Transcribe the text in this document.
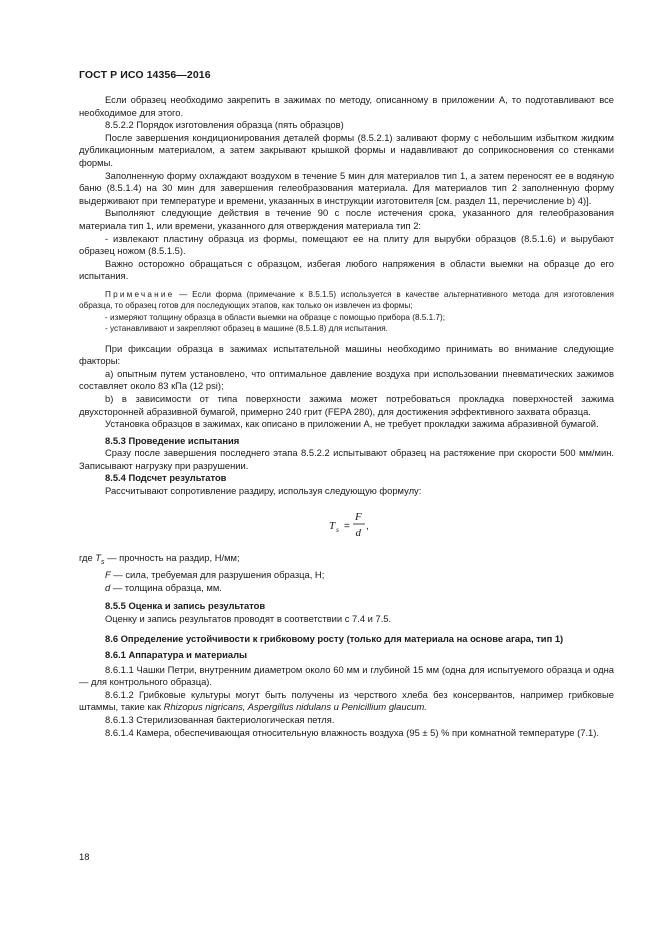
ГОСТ Р ИСО 14356—2016

Если образец необходимо закрепить в зажимах по методу, описанному в приложении А, то подготавливают все необходимое для этого.

8.5.2.2 Порядок изготовления образца (пять образцов)

После завершения кондиционирования деталей формы (8.5.2.1) заливают форму с небольшим избытком жидким дубликационным материалом, а затем закрывают крышкой формы и надавливают до соприкосновения со стенками формы.

Заполненную форму охлаждают воздухом в течение 5 мин для материалов тип 1, а затем переносят ее в водяную баню (8.5.1.4) на 30 мин для завершения гелеобразования материала. Для материалов тип 2 заполненную форму выдерживают при температуре и времени, указанных в инструкции изготовителя [см. раздел 11, перечисление b) 4)].

Выполняют следующие действия в течение 90 с после истечения срока, указанного для гелеобразования материала тип 1, или времени, указанного для отверждения материала тип 2:

- извлекают пластину образца из формы, помещают ее на плиту для вырубки образцов (8.5.1.6) и вырубают образец ножом (8.5.1.5).

Важно осторожно обращаться с образцом, избегая любого напряжения в области выемки на образце до его испытания.

Примечание — Если форма (примечание к 8.5.1.5) используется в качестве альтернативного метода для изготовления образца, то образец готов для последующих этапов, как только он извлечен из формы;

- измеряют толщину образца в области выемки на образце с помощью прибора (8.5.1.7);

- устанавливают и закрепляют образец в машине (8.5.1.8) для испытания.

При фиксации образца в зажимах испытательной машины необходимо принимать во внимание следующие факторы:

а) опытным путем установлено, что оптимальное давление воздуха при использовании пневматических зажимов составляет около 83 кПа (12 psi);

b) в зависимости от типа поверхности зажима может потребоваться прокладка поверхностей зажима двухсторонней абразивной бумагой, примерно 240 грит (FEPA 280), для достижения эффективного захвата образца.

Установка образцов в зажимах, как описано в приложении А, не требует прокладки зажима абразивной бумагой.

8.5.3 Проведение испытания

Сразу после завершения последнего этапа 8.5.2.2 испытывают образец на растяжение при скорости 500 мм/мин. Записывают нагрузку при разрушении.

8.5.4 Подсчет результатов

Рассчитывают сопротивление раздиру, используя следующую формулу:

T s =
F
d
,

где $T_s$ — прочность на раздир, Н/мм;

F — сила, требуемая для разрушения образца, Н;

d — толщина образца, мм.

8.5.5 Оценка и запись результатов

Оценку и запись результатов проводят в соответствии с 7.4 и 7.5.

8.6 Определение устойчивости к грибковому росту (только для материала на основе агара, тип 1)

8.6.1 Аппаратура и материалы

8.6.1.1 Чашки Петри, внутренним диаметром около 60 мм и глубиной 15 мм (одна для испытуемого образца и одна — для контрольного образца).

8.6.1.2 Грибковые культуры могут быть получены из черствого хлеба без консервантов, например грибковые штаммы, такие как Rhizopus nigricans, Aspergillus nidulans и Penicillium glaucum.

8.6.1.3 Стерилизованная бактериологическая петля.

8.6.1.4 Камера, обеспечивающая относительную влажность воздуха (95 ± 5) % при комнатной температуре (7.1).

18
